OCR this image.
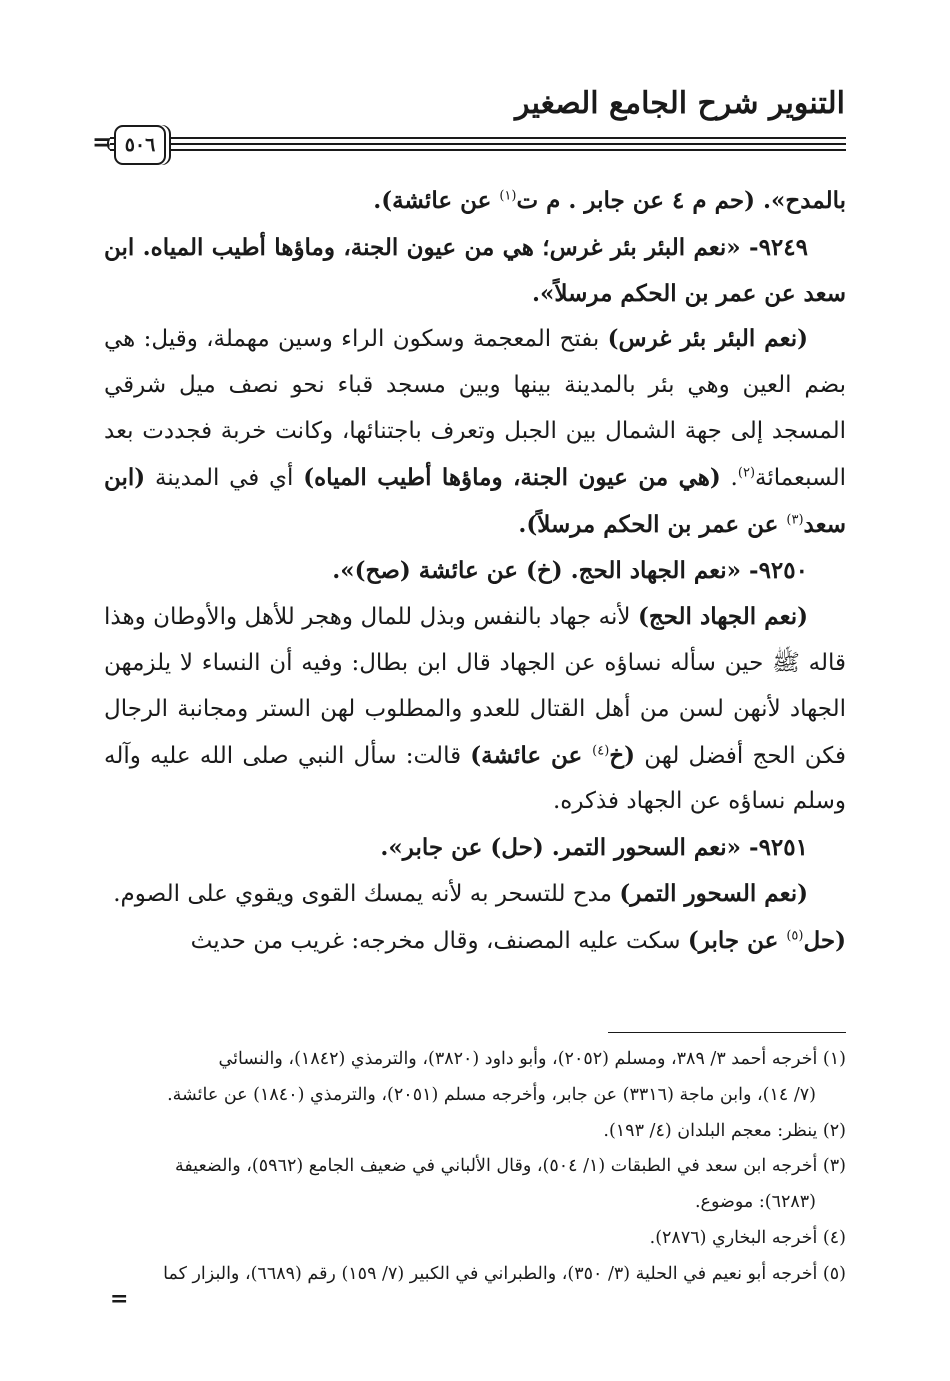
التنوير شرح الجامع الصغير
٥٠٦
=

بالمدح». (حم م ٤ عن جابر . م ت$^{(١)}$ عن عائشة).

٩٢٤٩- «نعم البئر بئر غرس؛ هي من عيون الجنة، وماؤها أطيب المياه. ابن سعد عن عمر بن الحكم مرسلاً».

(نعم البئر بئر غرس) بفتح المعجمة وسكون الراء وسين مهملة، وقيل: هي بضم العين وهي بئر بالمدينة بينها وبين مسجد قباء نحو نصف ميل شرقي المسجد إلى جهة الشمال بين الجبل وتعرف باجتنائها، وكانت خربة فجددت بعد السبعمائة$^{(٢)}$. (هي من عيون الجنة، وماؤها أطيب المياه) أي في المدينة (ابن سعد$^{(٣)}$ عن عمر بن الحكم مرسلاً).

٩٢٥٠- «نعم الجهاد الحج. (خ) عن عائشة (صح)».

(نعم الجهاد الحج) لأنه جهاد بالنفس وبذل للمال وهجر للأهل والأوطان وهذا قاله ﷺ حين سأله نساؤه عن الجهاد قال ابن بطال: وفيه أن النساء لا يلزمهن الجهاد لأنهن لسن من أهل القتال للعدو والمطلوب لهن الستر ومجانبة الرجال فكن الحج أفضل لهن (خ$^{(٤)}$ عن عائشة) قالت: سأل النبي صلى الله عليه وآله وسلم نساؤه عن الجهاد فذكره.

٩٢٥١- «نعم السحور التمر. (حل) عن جابر».

(نعم السحور التمر) مدح للتسحر به لأنه يمسك القوى ويقوي على الصوم.

(حل$^{(٥)}$ عن جابر) سكت عليه المصنف، وقال مخرجه: غريب من حديث

(١) أخرجه أحمد ٣/ ٣٨٩، ومسلم (٢٠٥٢)، وأبو داود (٣٨٢٠)، والترمذي (١٨٤٢)، والنسائي

(٧/ ١٤)، وابن ماجة (٣٣١٦) عن جابر، وأخرجه مسلم (٢٠٥١)، والترمذي (١٨٤٠) عن عائشة.

(٢) ينظر: معجم البلدان (٤/ ١٩٣).

(٣) أخرجه ابن سعد في الطبقات (١/ ٥٠٤)، وقال الألباني في ضعيف الجامع (٥٩٦٢)، والضعيفة

(٦٢٨٣): موضوع.

(٤) أخرجه البخاري (٢٨٧٦).

(٥) أخرجه أبو نعيم في الحلية (٣/ ٣٥٠)، والطبراني في الكبير (٧/ ١٥٩) رقم (٦٦٨٩)، والبزار كما

=
